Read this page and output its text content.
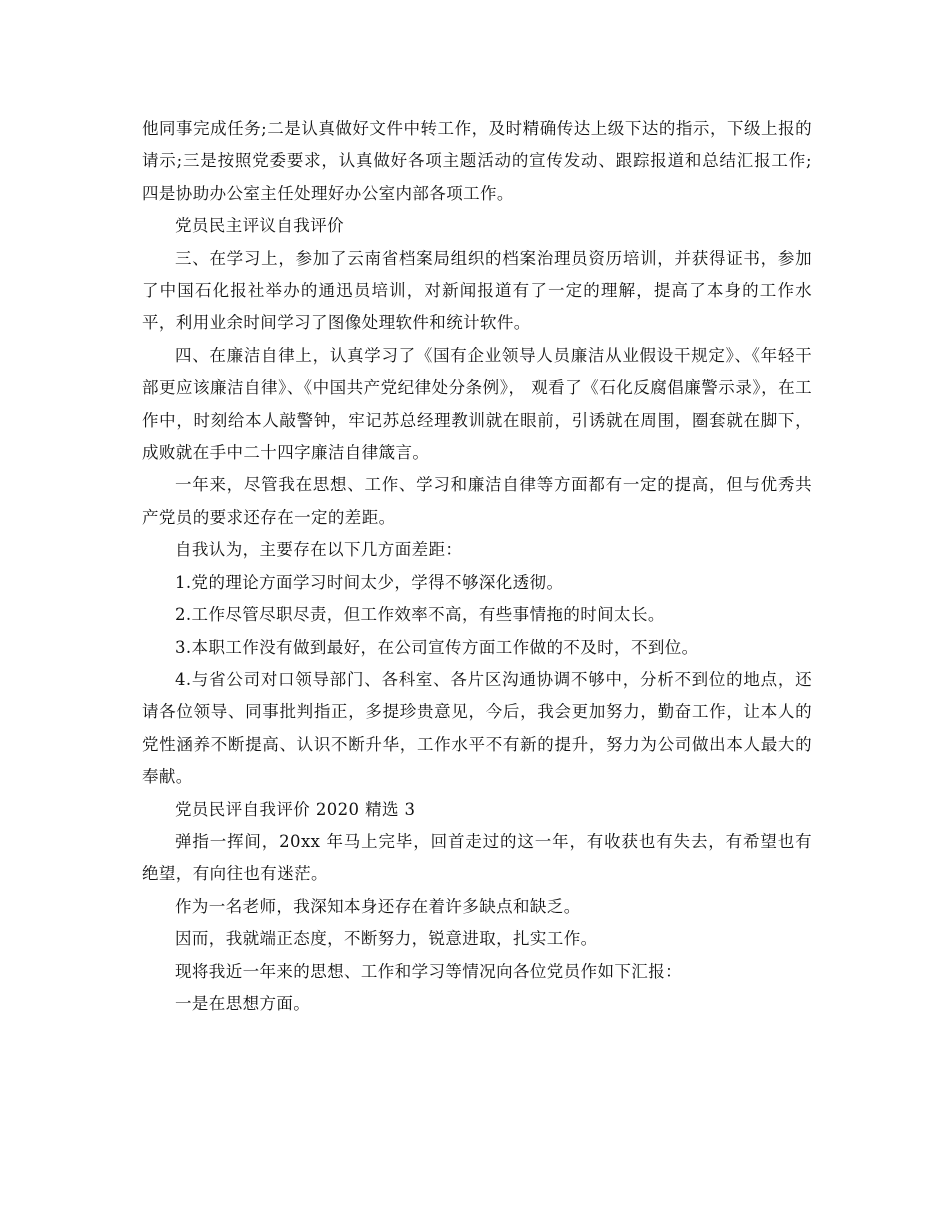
他同事完成任务;二是认真做好文件中转工作，及时精确传达上级下达的指示，下级上报的请示;三是按照党委要求，认真做好各项主题活动的宣传发动、跟踪报道和总结汇报工作;四是协助办公室主任处理好办公室内部各项工作。

党员民主评议自我评价

三、在学习上，参加了云南省档案局组织的档案治理员资历培训，并获得证书，参加了中国石化报社举办的通迅员培训，对新闻报道有了一定的理解，提高了本身的工作水平，利用业余时间学习了图像处理软件和统计软件。

四、在廉洁自律上，认真学习了《国有企业领导人员廉洁从业假设干规定》、《年轻干部更应该廉洁自律》、《中国共产党纪律处分条例》， 观看了《石化反腐倡廉警示录》，在工作中，时刻给本人敲警钟，牢记苏总经理教训就在眼前，引诱就在周围，圈套就在脚下，成败就在手中二十四字廉洁自律箴言。

一年来，尽管我在思想、工作、学习和廉洁自律等方面都有一定的提高，但与优秀共产党员的要求还存在一定的差距。

自我认为，主要存在以下几方面差距：

1.党的理论方面学习时间太少，学得不够深化透彻。

2.工作尽管尽职尽责，但工作效率不高，有些事情拖的时间太长。

3.本职工作没有做到最好，在公司宣传方面工作做的不及时，不到位。

4.与省公司对口领导部门、各科室、各片区沟通协调不够中，分析不到位的地点，还请各位领导、同事批判指正，多提珍贵意见，今后，我会更加努力，勤奋工作，让本人的党性涵养不断提高、认识不断升华，工作水平不有新的提升，努力为公司做出本人最大的奉献。

党员民评自我评价 2020 精选 3

弹指一挥间，20xx 年马上完毕，回首走过的这一年，有收获也有失去，有希望也有绝望，有向往也有迷茫。

作为一名老师，我深知本身还存在着许多缺点和缺乏。

因而，我就端正态度，不断努力，锐意进取，扎实工作。

现将我近一年来的思想、工作和学习等情况向各位党员作如下汇报：

一是在思想方面。
